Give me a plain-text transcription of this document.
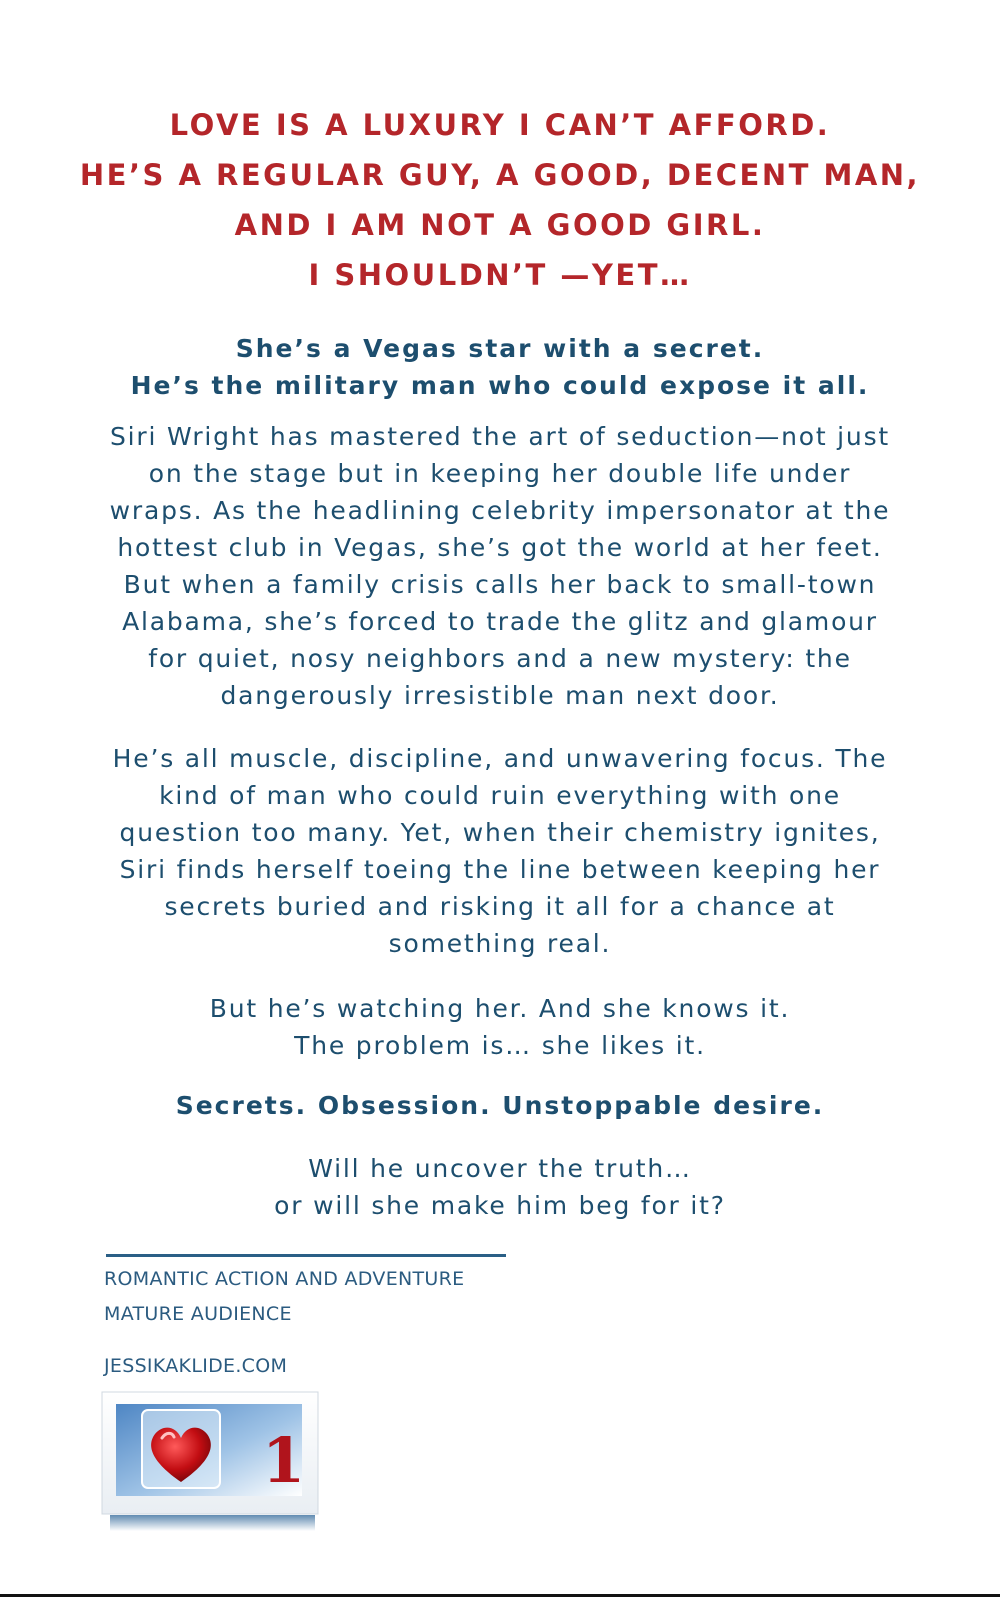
LOVE IS A LUXURY I CAN’T AFFORD.
HE’S A REGULAR GUY, A GOOD, DECENT MAN,
AND I AM NOT A GOOD GIRL.
I SHOULDN’T —YET…
She’s a Vegas star with a secret.
He’s the military man who could expose it all.
Siri Wright has mastered the art of seduction—not just
on the stage but in keeping her double life under
wraps. As the headlining celebrity impersonator at the
hottest club in Vegas, she’s got the world at her feet.
But when a family crisis calls her back to small-town
Alabama, she’s forced to trade the glitz and glamour
for quiet, nosy neighbors and a new mystery: the
dangerously irresistible man next door.
He’s all muscle, discipline, and unwavering focus. The
kind of man who could ruin everything with one
question too many. Yet, when their chemistry ignites,
Siri finds herself toeing the line between keeping her
secrets buried and risking it all for a chance at
something real.
But he’s watching her. And she knows it.
The problem is… she likes it.
Secrets. Obsession. Unstoppable desire.
Will he uncover the truth…
or will she make him beg for it?
ROMANTIC ACTION AND ADVENTURE
MATURE AUDIENCE
JESSIKAKLIDE.COM
1
